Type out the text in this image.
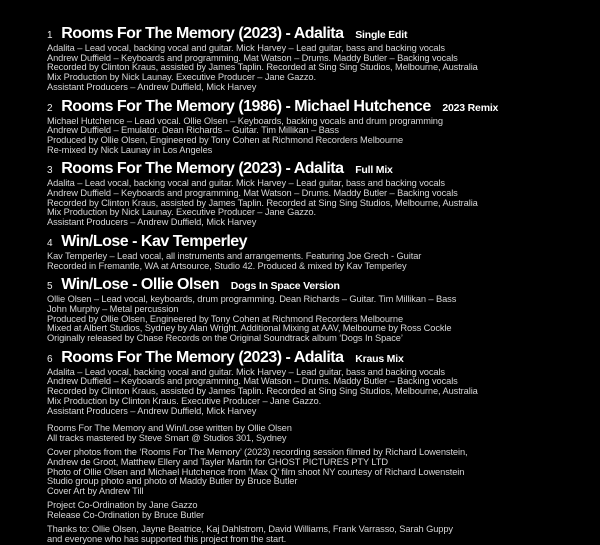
1 Rooms For The Memory (2023) - Adalita Single Edit
Adalita – Lead vocal, backing vocal and guitar. Mick Harvey – Lead guitar, bass and backing vocals
Andrew Duffield – Keyboards and programming. Mat Watson – Drums. Maddy Butler – Backing vocals
Recorded by Clinton Kraus, assisted by James Taplin. Recorded at Sing Sing Studios, Melbourne, Australia
Mix Production by Nick Launay. Executive Producer – Jane Gazzo.
Assistant Producers – Andrew Duffield, Mick Harvey
2 Rooms For The Memory (1986) - Michael Hutchence 2023 Remix
Michael Hutchence – Lead vocal. Ollie Olsen – Keyboards, backing vocals and drum programming
Andrew Duffield – Emulator. Dean Richards – Guitar. Tim Millikan – Bass
Produced by Ollie Olsen, Engineered by Tony Cohen at Richmond Recorders Melbourne
Re-mixed by Nick Launay in Los Angeles
3 Rooms For The Memory (2023) - Adalita Full Mix
Adalita – Lead vocal, backing vocal and guitar. Mick Harvey – Lead guitar, bass and backing vocals
Andrew Duffield – Keyboards and programming. Mat Watson – Drums. Maddy Butler – Backing vocals
Recorded by Clinton Kraus, assisted by James Taplin. Recorded at Sing Sing Studios, Melbourne, Australia
Mix Production by Nick Launay. Executive Producer – Jane Gazzo.
Assistant Producers – Andrew Duffield, Mick Harvey
4 Win/Lose - Kav Temperley
Kav Temperley – Lead vocal, all instruments and arrangements. Featuring Joe Grech - Guitar
Recorded in Fremantle, WA at Artsource, Studio 42. Produced & mixed by Kav Temperley
5 Win/Lose - Ollie Olsen Dogs In Space Version
Ollie Olsen – Lead vocal, keyboards, drum programming. Dean Richards – Guitar. Tim Millikan – Bass
John Murphy – Metal percussion
Produced by Ollie Olsen, Engineered by Tony Cohen at Richmond Recorders Melbourne
Mixed at Albert Studios, Sydney by Alan Wright. Additional Mixing at AAV, Melbourne by Ross Cockle
Originally released by Chase Records on the Original Soundtrack album ‘Dogs In Space’
6 Rooms For The Memory (2023) - Adalita Kraus Mix
Adalita – Lead vocal, backing vocal and guitar. Mick Harvey – Lead guitar, bass and backing vocals
Andrew Duffield – Keyboards and programming. Mat Watson – Drums. Maddy Butler – Backing vocals
Recorded by Clinton Kraus, assisted by James Taplin. Recorded at Sing Sing Studios, Melbourne, Australia
Mix Production by Clinton Kraus. Executive Producer – Jane Gazzo.
Assistant Producers – Andrew Duffield, Mick Harvey

Rooms For The Memory and Win/Lose written by Ollie Olsen
All tracks mastered by Steve Smart @ Studios 301, Sydney

Cover photos from the ‘Rooms For The Memory’ (2023) recording session filmed by Richard Lowenstein,
Andrew de Groot, Matthew Ellery and Tayler Martin for GHOST PICTURES PTY LTD
Photo of Ollie Olsen and Michael Hutchence from ‘Max Q’ film shoot NY courtesy of Richard Lowenstein
Studio group photo and photo of Maddy Butler by Bruce Butler
Cover Art by Andrew Till

Project Co-Ordination by Jane Gazzo
Release Co-Ordination by Bruce Butler

Thanks to: Ollie Olsen, Jayne Beatrice, Kaj Dahlstrom, David Williams, Frank Varrasso, Sarah Guppy
and everyone who has supported this project from the start.
